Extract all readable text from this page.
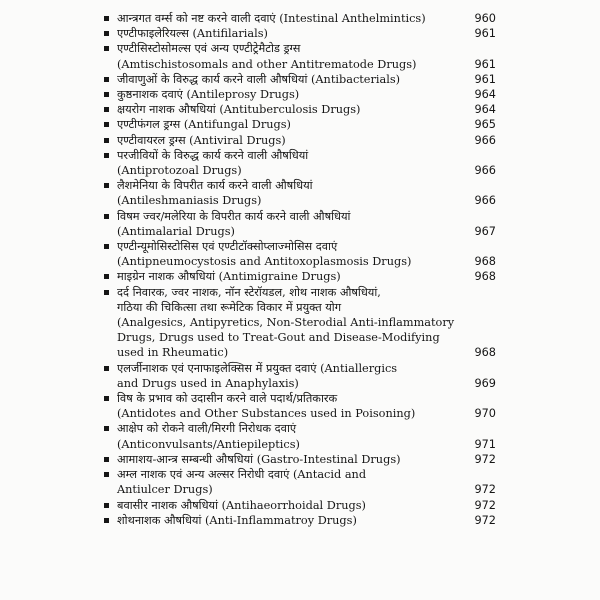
आन्त्रगत वर्म्स को नष्ट करने वाली दवाएं (Intestinal Anthelmintics)	960
एण्टीफाइलेरियल्स (Antifilarials)	961
एण्टीसिस्टोसोमल्स एवं अन्य एण्टीट्रेमैटोड ड्रग्स
(Amtischistosomals and other Antitrematode Drugs)	961
जीवाणुओं के विरुद्ध कार्य करने वाली औषधियां (Antibacterials)	961
कुष्ठनाशक दवाएं (Antileprosy Drugs)	964
क्षयरोग नाशक औषधियां (Antituberculosis Drugs)	964
एण्टीफंगल ड्रग्स (Antifungal Drugs)	965
एण्टीवायरल ड्रग्स (Antiviral Drugs)	966
परजीवियों के विरुद्ध कार्य करने वाली औषधियां
(Antiprotozoal Drugs)	966
लैशमेनिया के विपरीत कार्य करने वाली औषधियां
(Antileshmaniasis Drugs)	966
विषम ज्वर/मलेरिया के विपरीत कार्य करने वाली औषधियां
(Antimalarial Drugs)	967
एण्टीन्यूमोसिस्टोसिस एवं एण्टीटॉक्सोप्लाज्मोसिस दवाएं
(Antipneumocystosis and Antitoxoplasmosis Drugs)	968
माइग्रेन नाशक औषधियां (Antimigraine Drugs)	968
दर्द निवारक, ज्वर नाशक, नॉन स्टेरॉयडल, शोथ नाशक औषधियां,
गठिया की चिकित्सा तथा रूमेटिक विकार में प्रयुक्त योग
(Analgesics, Antipyretics, Non-Sterodial Anti-inflammatory
Drugs, Drugs used to Treat-Gout and Disease-Modifying
used in Rheumatic)	968
एलर्जीनाशक एवं एनाफाइलेक्सिस में प्रयुक्त दवाएं (Antiallergics
and Drugs used in Anaphylaxis)	969
विष के प्रभाव को उदासीन करने वाले पदार्थ/प्रतिकारक
(Antidotes and Other Substances used in Poisoning)	970
आक्षेप को रोकने वाली/मिरगी निरोधक दवाएं
(Anticonvulsants/Antiepileptics)	971
आमाशय-आन्त्र सम्बन्धी औषधियां (Gastro-Intestinal Drugs)	972
अम्ल नाशक एवं अन्य अल्सर निरोधी दवाएं (Antacid and
Antiulcer Drugs)	972
बवासीर नाशक औषधियां (Antihaeorrhoidal Drugs)	972
शोथनाशक औषधियां (Anti-Inflammatroy Drugs)	972
